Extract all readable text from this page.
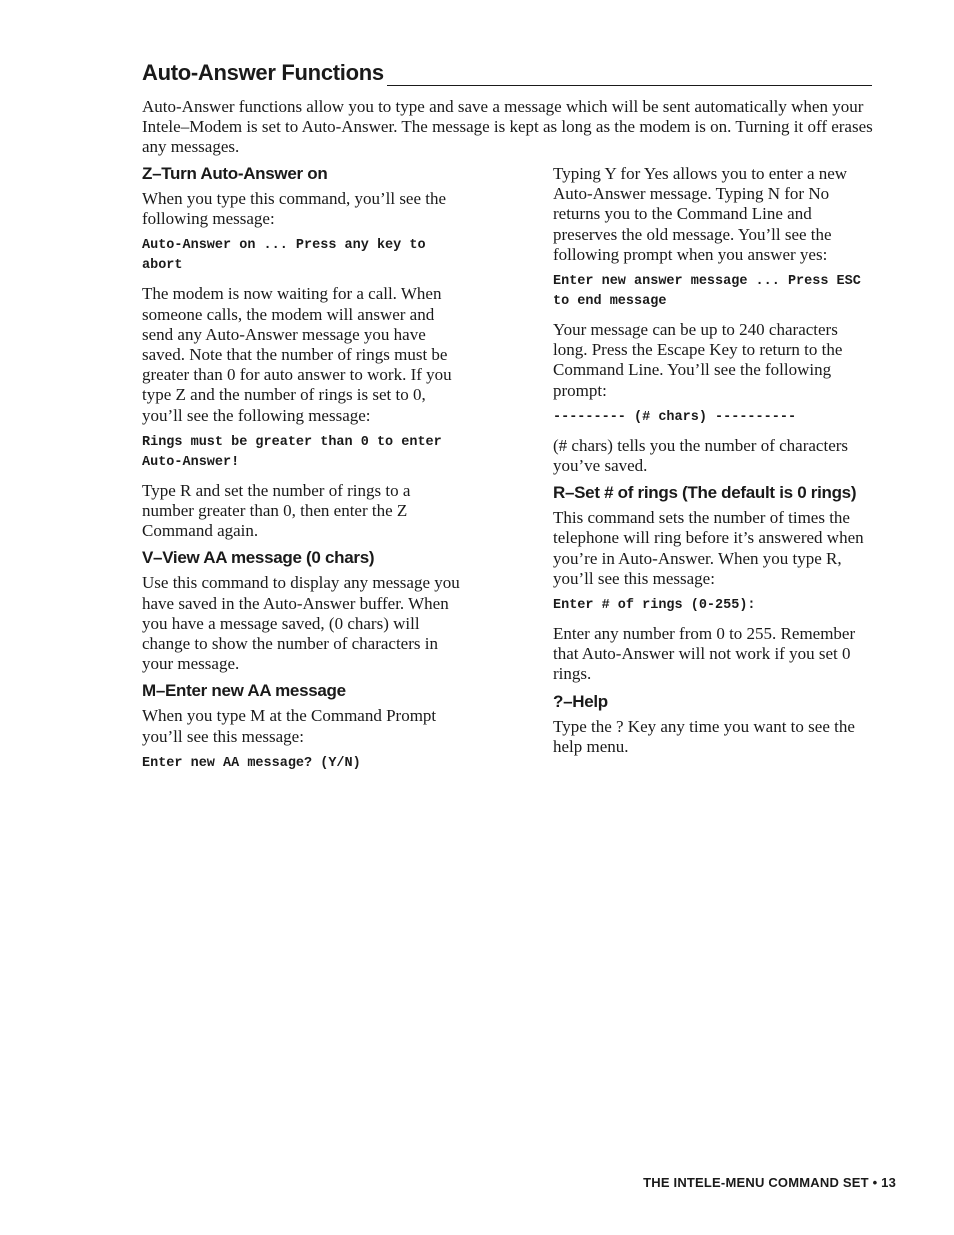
Auto-Answer Functions

Auto-Answer functions allow you to type and save a message which will be sent automatically when your Intele–Modem is set to Auto-Answer. The message is kept as long as the modem is on. Turning it off erases any messages.

Z–Turn Auto-Answer on

When you type this command, you’ll see the following message:

Auto-Answer on ... Press any key to abort

The modem is now waiting for a call. When someone calls, the modem will answer and send any Auto-Answer message you have saved. Note that the number of rings must be greater than 0 for auto answer to work. If you type Z and the number of rings is set to 0, you’ll see the following message:

Rings must be greater than 0 to enter Auto-Answer!

Type R and set the number of rings to a number greater than 0, then enter the Z Command again.

V–View AA message (0 chars)

Use this command to display any message you have saved in the Auto-Answer buffer. When you have a message saved, (0 chars) will change to show the number of characters in your message.

M–Enter new AA message

When you type M at the Command Prompt you’ll see this message:

Enter new AA message? (Y/N)

Typing Y for Yes allows you to enter a new Auto-Answer message. Typing N for No returns you to the Command Line and preserves the old message. You’ll see the following prompt when you answer yes:

Enter new answer message ... Press ESC to end message

Your message can be up to 240 characters long. Press the Escape Key to return to the Command Line. You’ll see the following prompt:

--------- (# chars) ----------

(# chars) tells you the number of characters you’ve saved.

R–Set # of rings (The default is 0 rings)

This command sets the number of times the telephone will ring before it’s answered when you’re in Auto-Answer. When you type R, you’ll see this message:

Enter # of rings (0-255):

Enter any number from 0 to 255. Remember that Auto-Answer will not work if you set 0 rings.

?–Help

Type the ? Key any time you want to see the help menu.

THE INTELE-MENU COMMAND SET • 13
